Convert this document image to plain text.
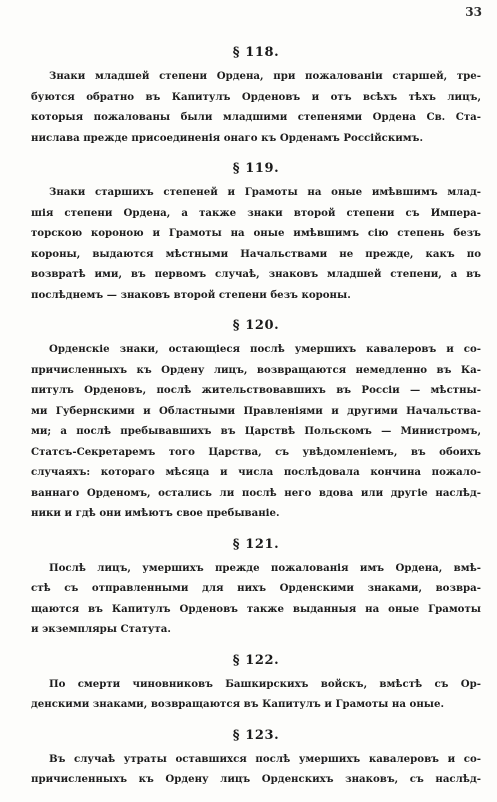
33
§ 118.
Знаки младшей степени Ордена, при пожалованіи старшей, тре-
буются обратно въ Капитулъ Орденовъ и отъ всѣхъ тѣхъ лицъ,
которыя пожалованы были младшими степенями Ордена Св. Ста-
нислава прежде присоединенія онаго къ Орденамъ Россійскимъ.
§ 119.
Знаки старшихъ степеней и Грамоты на оные имѣвшимъ млад-
шія степени Ордена, а также знаки второй степени съ Импера-
торскою короною и Грамоты на оные имѣвшимъ сію степень безъ
короны, выдаются мѣстными Начальствами не прежде, какъ по
возвратѣ ими, въ первомъ случаѣ, знаковъ младшей степени, а въ
послѣднемъ — знаковъ второй степени безъ короны.
§ 120.
Орденскіе знаки, остающіеся послѣ умершихъ кавалеровъ и со-
причисленныхъ къ Ордену лицъ, возвращаются немедленно въ Ка-
питулъ Орденовъ, послѣ жительствовавшихъ въ Россіи — мѣстны-
ми Губернскими и Областными Правленіями и другими Начальства-
ми; а послѣ пребывавшихъ въ Царствѣ Польскомъ — Министромъ,
Статсъ-Секретаремъ того Царства, съ увѣдомленіемъ, въ обоихъ
случаяхъ: котораго мѣсяца и числа послѣдовала кончина пожало-
ваннаго Орденомъ, остались ли послѣ него вдова или другіе наслѣд-
ники и гдѣ они имѣютъ свое пребываніе.
§ 121.
Послѣ лицъ, умершихъ прежде пожалованія имъ Ордена, вмѣ-
стѣ съ отправленными для нихъ Орденскими знаками, возвра-
щаются въ Капитулъ Орденовъ также выданныя на оные Грамоты
и экземпляры Статута.
§ 122.
По смерти чиновниковъ Башкирскихъ войскъ, вмѣстѣ съ Ор-
денскими знаками, возвращаются въ Капитулъ и Грамоты на оные.
§ 123.
Въ случаѣ утраты оставшихся послѣ умершихъ кавалеровъ и со-
причисленныхъ къ Ордену лицъ Орденскихъ знаковъ, съ наслѣд-
